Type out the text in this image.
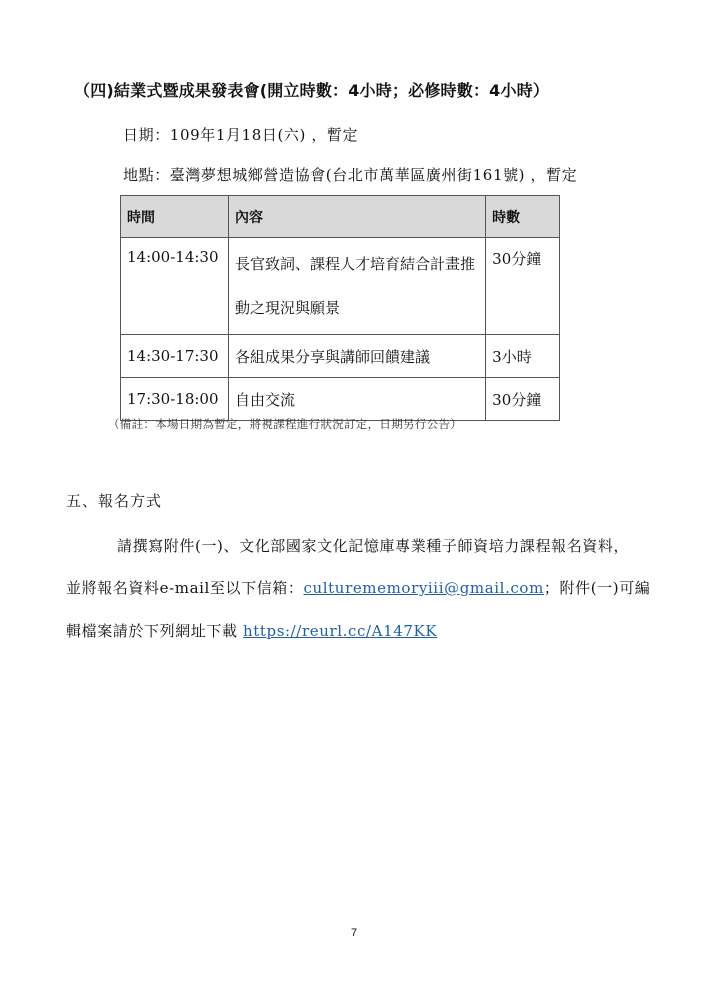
（四)結業式暨成果發表會(開立時數：4小時；必修時數：4小時）
日期：109年1月18日(六) ，暫定
地點：臺灣夢想城鄉營造協會(台北市萬華區廣州街161號) ，暫定
時間	內容	時數
14:00-14:30	長官致詞、課程人才培育結合計畫推動之現況與願景	30分鐘
14:30-17:30	各組成果分享與講師回饋建議	3小時
17:30-18:00	自由交流	30分鐘
（備註：本場日期為暫定，將視課程進行狀況訂定，日期另行公告）
五、報名方式
請撰寫附件(一)、文化部國家文化記憶庫專業種子師資培力課程報名資料，
並將報名資料e-mail至以下信箱：culturememoryiii@gmail.com；附件(一)可編
輯檔案請於下列網址下載 https://reurl.cc/A147KK
7
